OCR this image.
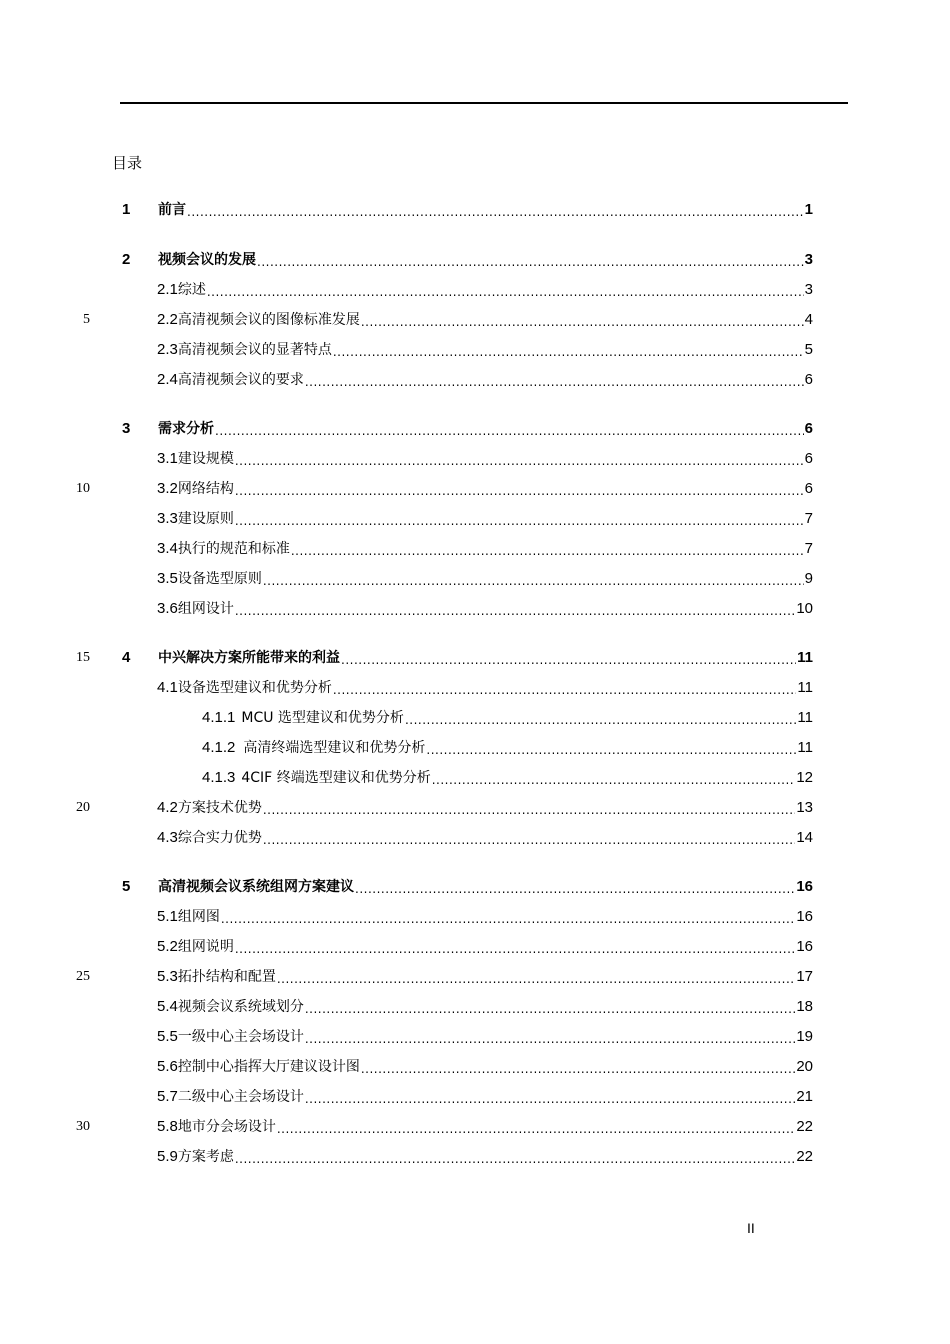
目录
1 前言 .....	1
2 视频会议的发展 .....	3
2.1 综述 .....	3
2.2 高清视频会议的图像标准发展 .....	4
2.3 高清视频会议的显著特点 .....	5
2.4 高清视频会议的要求 .....	6
3 需求分析 .....	6
3.1 建设规模 .....	6
3.2 网络结构 .....	6
3.3 建设原则 .....	7
3.4 执行的规范和标准 .....	7
3.5 设备选型原则 .....	9
3.6 组网设计 .....	10
4 中兴解决方案所能带来的利益 .....	11
4.1 设备选型建议和优势分析 .....	11
4.1.1 MCU 选型建议和优势分析 .....	11
4.1.2 高清终端选型建议和优势分析 .....	11
4.1.3 4CIF 终端选型建议和优势分析 .....	12
4.2 方案技术优势 .....	13
4.3 综合实力优势 .....	14
5 高清视频会议系统组网方案建议 .....	16
5.1 组网图 .....	16
5.2 组网说明 .....	16
5.3 拓扑结构和配置 .....	17
5.4 视频会议系统域划分 .....	18
5.5 一级中心主会场设计 .....	19
5.6 控制中心指挥大厅建议设计图 .....	20
5.7 二级中心主会场设计 .....	21
5.8 地市分会场设计 .....	22
5.9 方案考虑 .....	22
5
10
15
20
25
30
II
